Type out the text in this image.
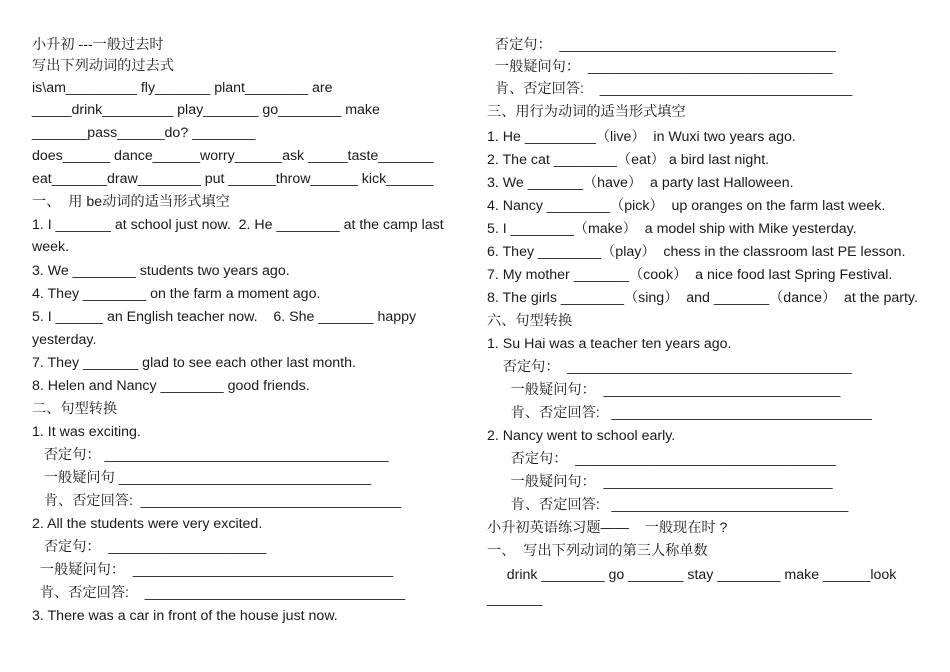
小升初 ---一般过去时
写出下列动词的过去式
is\am_________ fly_______ plant________ are
_____drink_________ play_______ go________ make
_______pass______do? ________
does______ dance______worry______ask _____taste_______
eat_______draw________ put ______throw______ kick______
一、  用 be动词的适当形式填空
1. I _______ at school just now.  2. He ________ at the camp last
week.
3. We ________ students two years ago.
4. They ________ on the farm a moment ago.
5. I ______ an English teacher now.    6. She _______ happy
yesterday.
7. They _______ glad to see each other last month.
8. Helen and Nancy ________ good friends.
二、句型转换
1. It was exciting.
否定句： ____________________________________
一般疑问句 ________________________________
肯、否定回答:  _________________________________
2. All the students were very excited.
否定句：  ____________________
一般疑问句：  _________________________________
肯、否定回答:    _________________________________
3. There was a car in front of the house just now.
否定句：  ___________________________________
一般疑问句：  _______________________________
肯、否定回答:    ________________________________
三、用行为动词的适当形式填空
1. He _________（live）  in Wuxi two years ago.
2. The cat ________（eat） a bird last night.
3. We _______（have）  a party last Halloween.
4. Nancy ________（pick）  up oranges on the farm last week.
5. I ________（make）  a model ship with Mike yesterday.
6. They ________（play）  chess in the classroom last PE lesson.
7. My mother _______（cook）  a nice food last Spring Festival.
8. The girls ________（sing）  and _______（dance）  at the party.
六、句型转换
1. Su Hai was a teacher ten years ago.
否定句：  ____________________________________
一般疑问句：  ______________________________
肯、否定回答:   _________________________________
2. Nancy went to school early.
否定句：  _________________________________
一般疑问句：  _____________________________
肯、否定回答:   ______________________________
小升初英语练习题——    一般现在时 ?
一、  写出下列动词的第三人称单数
drink ________ go _______ stay ________ make ______look
_______
